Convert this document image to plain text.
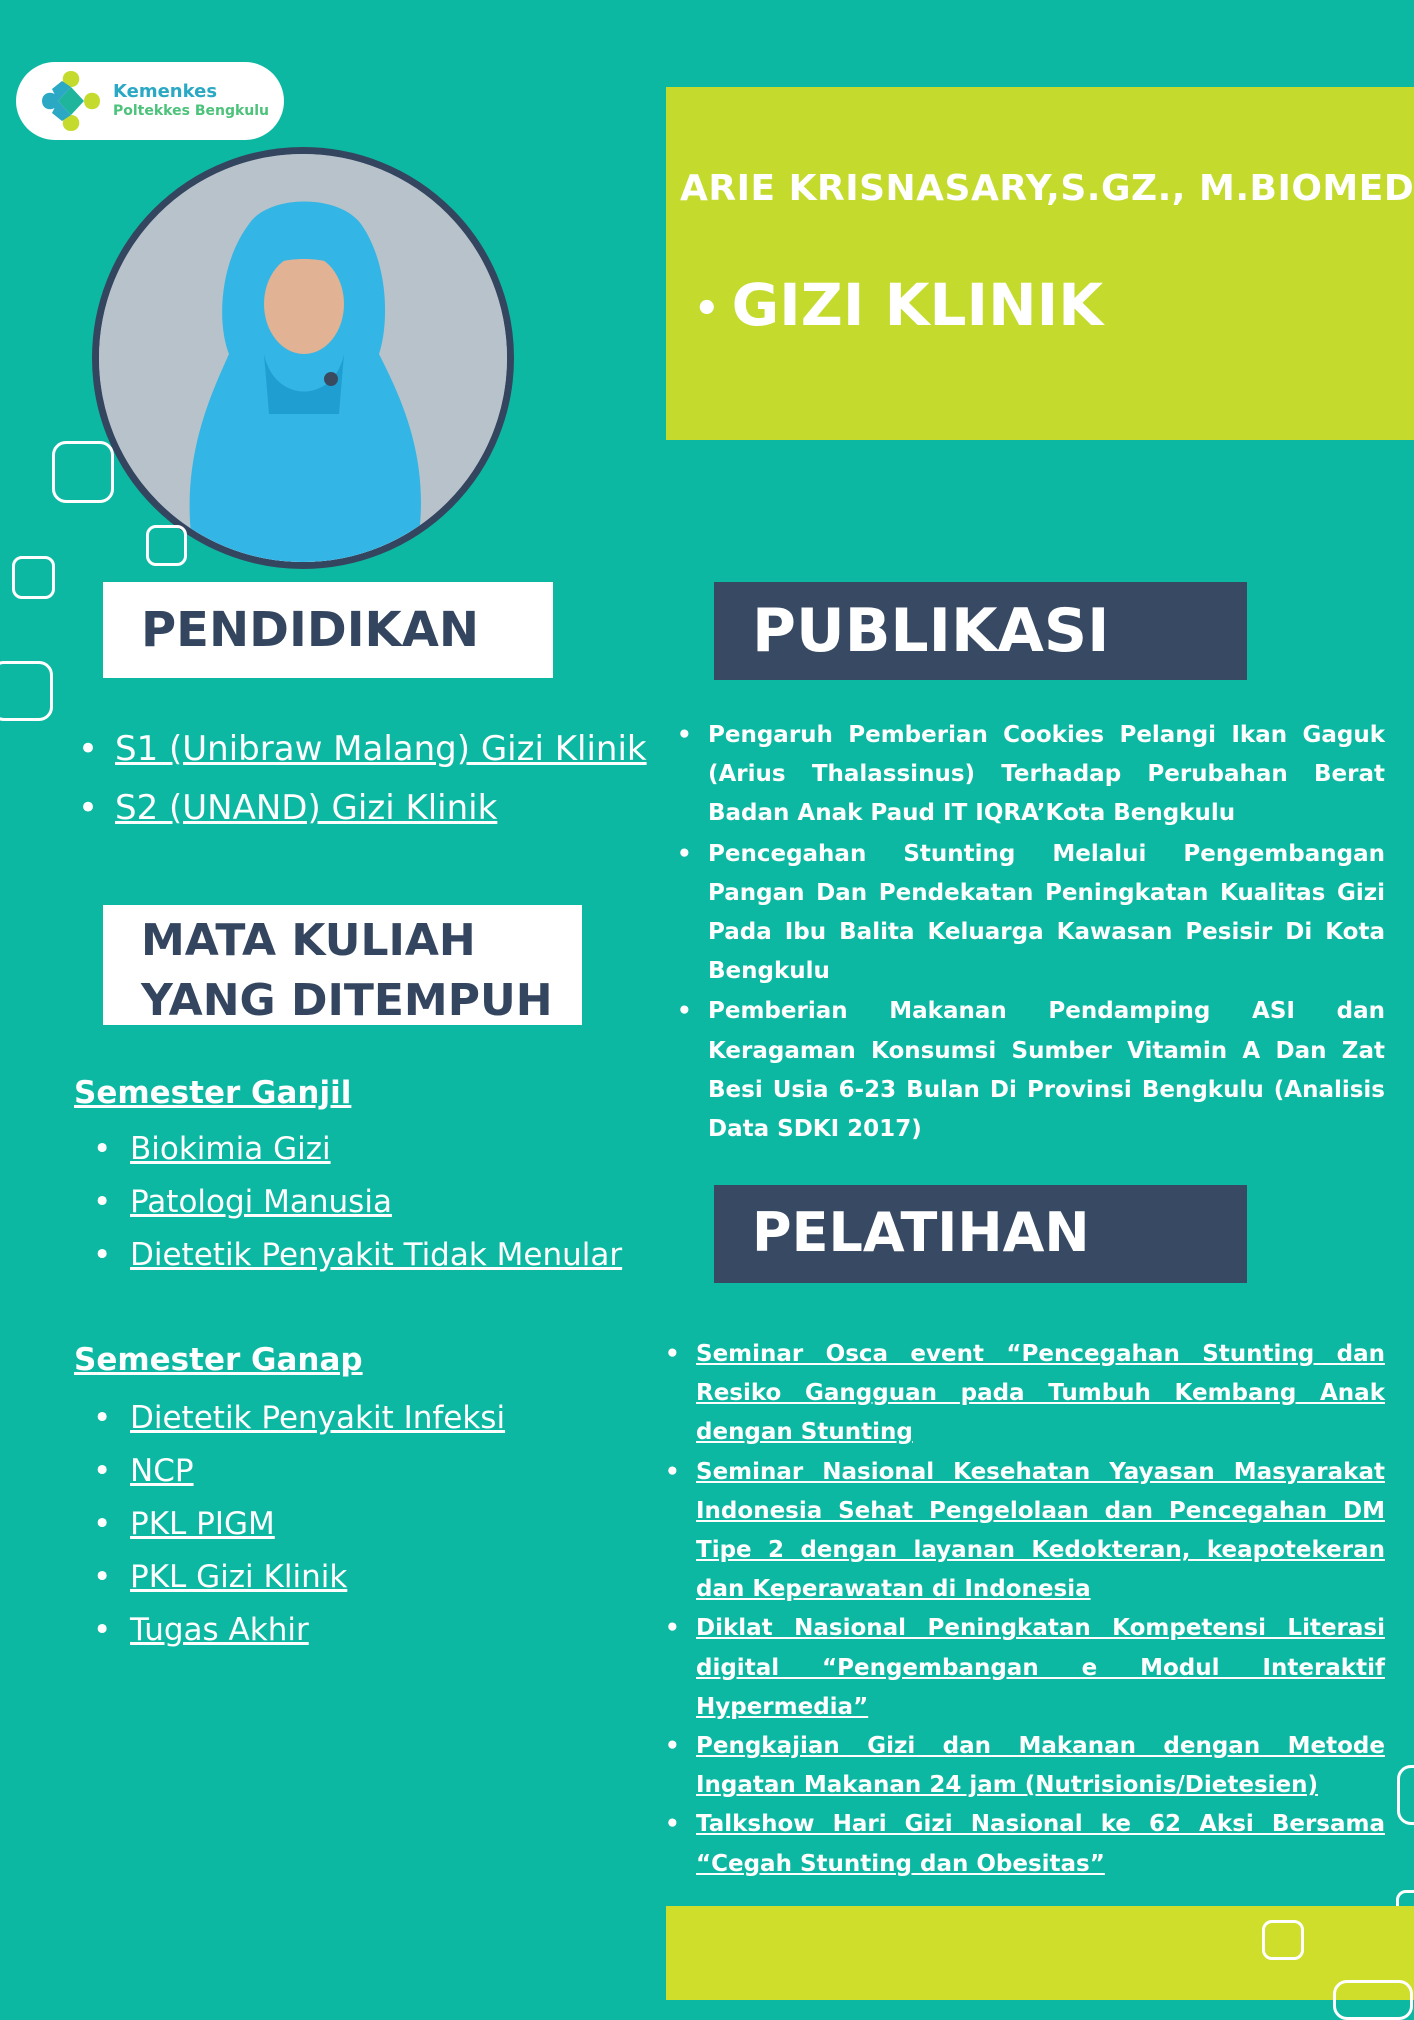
Kemenkes
Poltekkes Bengkulu
ARIE KRISNASARY,S.GZ., M.BIOMED
• GIZI KLINIK
PENDIDIKAN
• S1 (Unibraw Malang) Gizi Klinik
• S2 (UNAND) Gizi Klinik
MATA KULIAH YANG DITEMPUH
Semester Ganjil
• Biokimia Gizi
• Patologi Manusia
• Dietetik Penyakit Tidak Menular
Semester Ganap
• Dietetik Penyakit Infeksi
• NCP
• PKL PIGM
• PKL Gizi Klinik
• Tugas Akhir
PUBLIKASI
• Pengaruh Pemberian Cookies Pelangi Ikan Gaguk (Arius Thalassinus) Terhadap Perubahan Berat Badan Anak Paud IT IQRA’Kota Bengkulu
• Pencegahan Stunting Melalui Pengembangan Pangan Dan Pendekatan Peningkatan Kualitas Gizi Pada Ibu Balita Keluarga Kawasan Pesisir Di Kota Bengkulu
• Pemberian Makanan Pendamping ASI dan Keragaman Konsumsi Sumber Vitamin A Dan Zat Besi Usia 6-23 Bulan Di Provinsi Bengkulu (Analisis Data SDKI 2017)
PELATIHAN
• Seminar Osca event “Pencegahan Stunting dan Resiko Gangguan pada Tumbuh Kembang Anak dengan Stunting
• Seminar Nasional Kesehatan Yayasan Masyarakat Indonesia Sehat Pengelolaan dan Pencegahan DM Tipe 2 dengan layanan Kedokteran, keapotekeran dan Keperawatan di Indonesia
• Diklat Nasional Peningkatan Kompetensi Literasi digital “Pengembangan e Modul Interaktif Hypermedia”
• Pengkajian Gizi dan Makanan dengan Metode Ingatan Makanan 24 jam (Nutrisionis/Dietesien)
• Talkshow Hari Gizi Nasional ke 62 Aksi Bersama “Cegah Stunting dan Obesitas”
